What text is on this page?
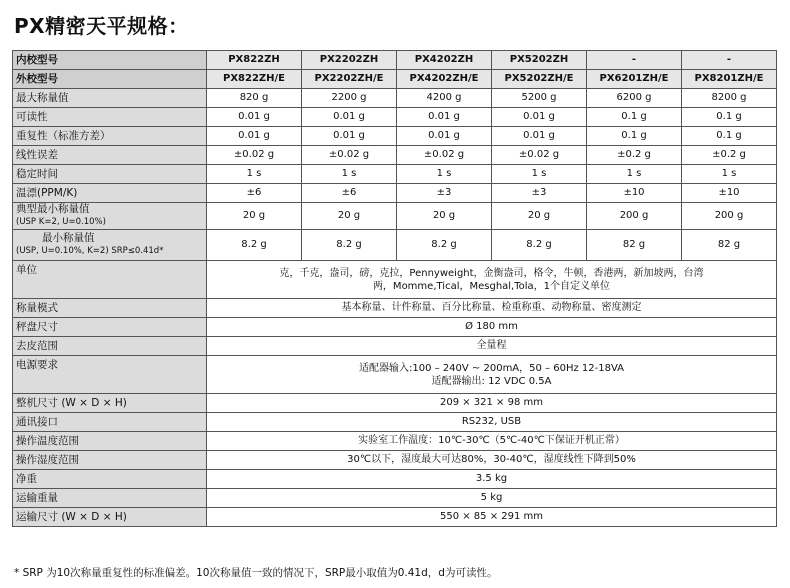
PX精密天平规格：
内校型号	PX822ZH	PX2202ZH	PX4202ZH	PX5202ZH	-	-
外校型号	PX822ZH/E	PX2202ZH/E	PX4202ZH/E	PX5202ZH/E	PX6201ZH/E	PX8201ZH/E
最大称量值	820 g	2200 g	4200 g	5200 g	6200 g	8200 g
可读性	0.01 g	0.01 g	0.01 g	0.01 g	0.1 g	0.1 g
重复性（标准方差）	0.01 g	0.01 g	0.01 g	0.01 g	0.1 g	0.1 g
线性误差	±0.02 g	±0.02 g	±0.02 g	±0.02 g	±0.2 g	±0.2 g
稳定时间	1 s	1 s	1 s	1 s	1 s	1 s
温漂(PPM/K)	±6	±6	±3	±3	±10	±10

典型最小称量值
(USP K=2, U=0.10%)	20 g	20 g	20 g	20 g	200 g	200 g

最小称量值
(USP, U=0.10%, K=2) SRP≤0.41d*	8.2 g	8.2 g	8.2 g	8.2 g	82 g	82 g
单位	克，千克，盎司，磅，克拉，Pennyweight，金衡盎司，格令，牛顿，香港两，新加坡两，台湾
两，Momme,Tical，Mesghal,Tola，1个自定义单位					

称量模式	基本称量、计件称量、百分比称量、检重称重、动物称量、密度测定					
秤盘尺寸	Ø 180 mm					
去皮范围	全量程					
电源要求	适配器输入:100 – 240V ~ 200mA，50 – 60Hz 12-18VA
适配器输出: 12 VDC 0.5A					

整机尺寸 (W × D × H)	209 × 321 × 98 mm					
通讯接口	RS232, USB					
操作温度范围	实验室工作温度：10℃-30℃（5℃-40℃下保证开机正常）					
操作湿度范围	30℃以下，湿度最大可达80%，30-40℃，湿度线性下降到50%					
净重	3.5 kg					
运输重量	5 kg					
运输尺寸 (W × D × H)	550 × 85 × 291 mm					
* SRP 为10次称量重复性的标准偏差。10次称量值一致的情况下，SRP最小取值为0.41d，d为可读性。
